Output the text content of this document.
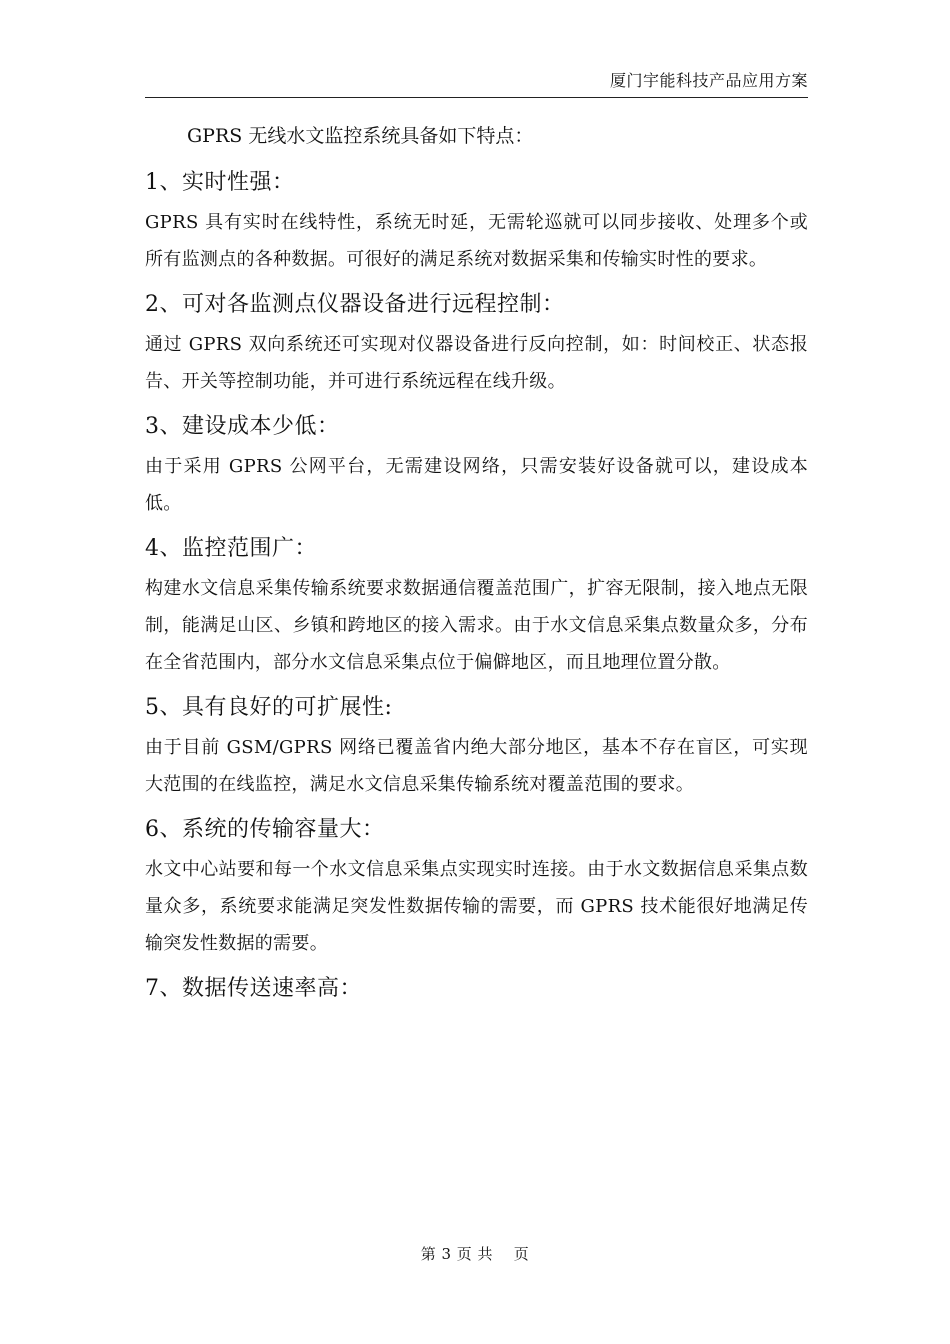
厦门宇能科技产品应用方案

GPRS 无线水文监控系统具备如下特点：

1、实时性强：

GPRS 具有实时在线特性，系统无时延，无需轮巡就可以同步接收、处理多个或所有监测点的各种数据。可很好的满足系统对数据采集和传输实时性的要求。

2、可对各监测点仪器设备进行远程控制：

通过 GPRS 双向系统还可实现对仪器设备进行反向控制，如：时间校正、状态报告、开关等控制功能，并可进行系统远程在线升级。

3、建设成本少低：

由于采用 GPRS 公网平台，无需建设网络，只需安装好设备就可以，建设成本低。

4、监控范围广：

构建水文信息采集传输系统要求数据通信覆盖范围广，扩容无限制，接入地点无限制，能满足山区、乡镇和跨地区的接入需求。由于水文信息采集点数量众多，分布在全省范围内，部分水文信息采集点位于偏僻地区，而且地理位置分散。

5、具有良好的可扩展性:

由于目前 GSM/GPRS 网络已覆盖省内绝大部分地区，基本不存在盲区，可实现大范围的在线监控，满足水文信息采集传输系统对覆盖范围的要求。

6、系统的传输容量大：

水文中心站要和每一个水文信息采集点实现实时连接。由于水文数据信息采集点数量众多，系统要求能满足突发性数据传输的需要，而 GPRS 技术能很好地满足传输突发性数据的需要。

7、数据传送速率高：

第 3 页 共　 页
